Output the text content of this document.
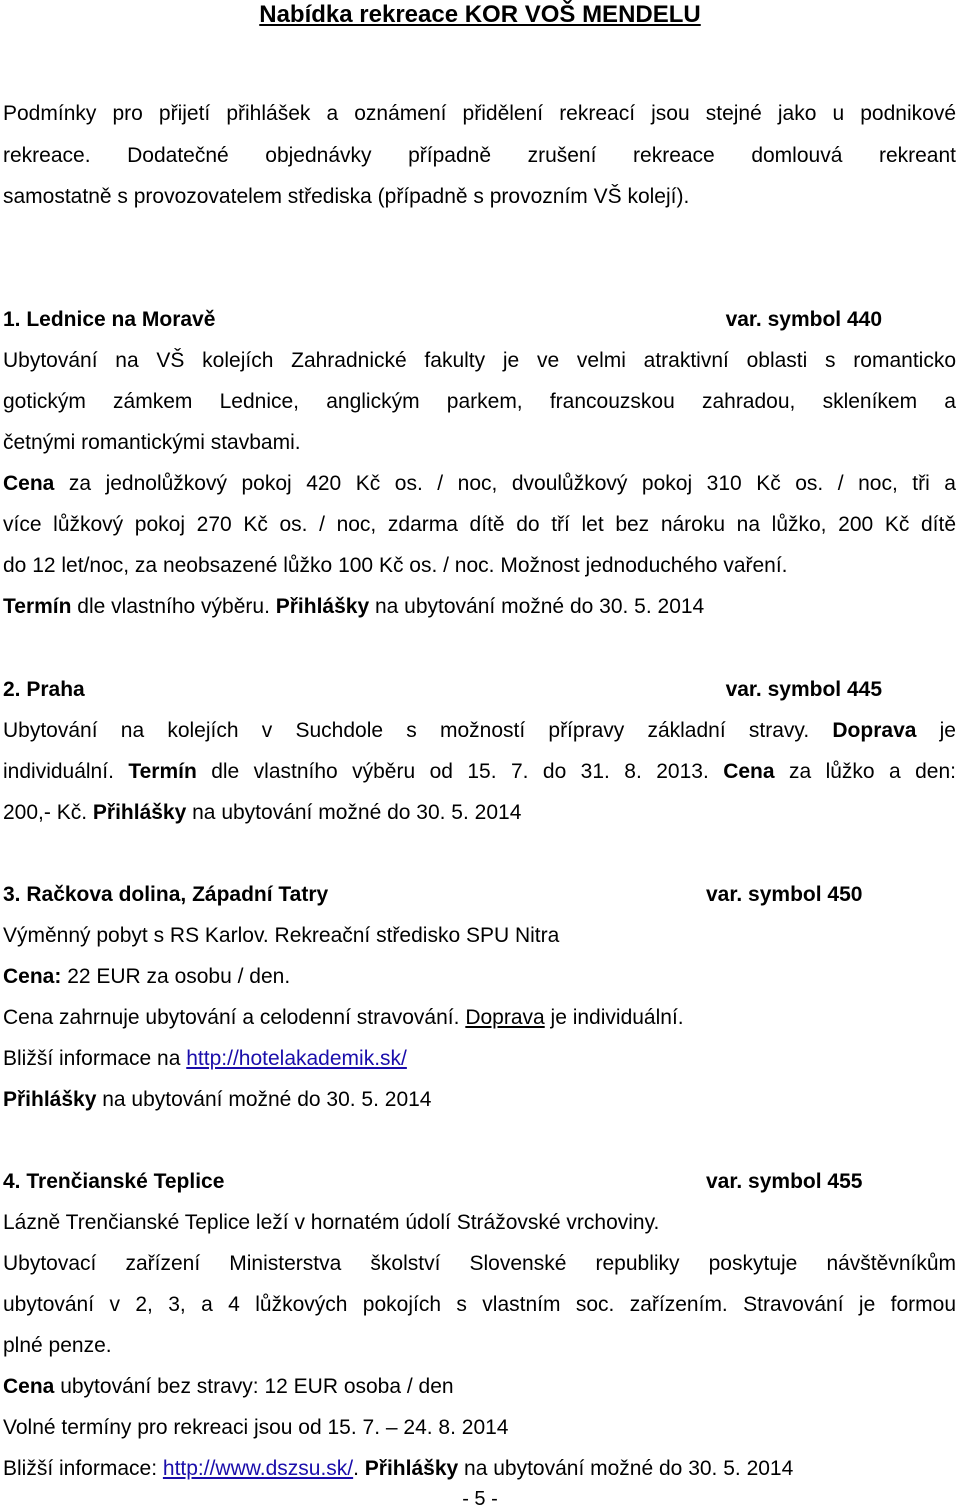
Nabídka rekreace KOR VOŠ MENDELU
Podmínky pro přijetí přihlášek a oznámení přidělení rekreací jsou stejné jako u podnikové
rekreace. Dodatečné objednávky případně zrušení rekreace domlouvá rekreant
samostatně s provozovatelem střediska (případně s provozním VŠ kolejí).
1. Lednice na Moravě	var. symbol 440
Ubytování na VŠ kolejích Zahradnické fakulty je ve velmi atraktivní oblasti s romanticko
gotickým zámkem Lednice, anglickým parkem, francouzskou zahradou, skleníkem a
četnými romantickými stavbami.
Cena za jednolůžkový pokoj 420 Kč os. / noc, dvoulůžkový pokoj 310 Kč os. / noc, tři a
více lůžkový pokoj 270 Kč os. / noc, zdarma dítě do tří let bez nároku na lůžko, 200 Kč dítě
do 12 let/noc, za neobsazené lůžko 100 Kč os. / noc. Možnost jednoduchého vaření.
Termín dle vlastního výběru. Přihlášky na ubytování možné do 30. 5. 2014
2. Praha	var. symbol 445
Ubytování na kolejích v Suchdole s možností přípravy základní stravy. Doprava je
individuální. Termín dle vlastního výběru od 15. 7. do 31. 8. 2013. Cena za lůžko a den:
200,- Kč. Přihlášky na ubytování možné do 30. 5. 2014
3. Račkova dolina, Západní Tatry	var. symbol 450
Výměnný pobyt s RS Karlov. Rekreační středisko SPU Nitra
Cena: 22 EUR za osobu / den.
Cena zahrnuje ubytování a celodenní stravování. Doprava je individuální.
Bližší informace na http://hotelakademik.sk/
Přihlášky na ubytování možné do 30. 5. 2014
4. Trenčianské Teplice	var. symbol 455
Lázně Trenčianské Teplice leží v hornatém údolí Strážovské vrchoviny.
Ubytovací zařízení Ministerstva školství Slovenské republiky poskytuje návštěvníkům
ubytování v 2, 3, a 4 lůžkových pokojích s vlastním soc. zařízením. Stravování je formou
plné penze.
Cena ubytování bez stravy: 12 EUR osoba / den
Volné termíny pro rekreaci jsou od 15. 7. – 24. 8. 2014
Bližší informace: http://www.dszsu.sk/. Přihlášky na ubytování možné do 30. 5. 2014
- 5 -
